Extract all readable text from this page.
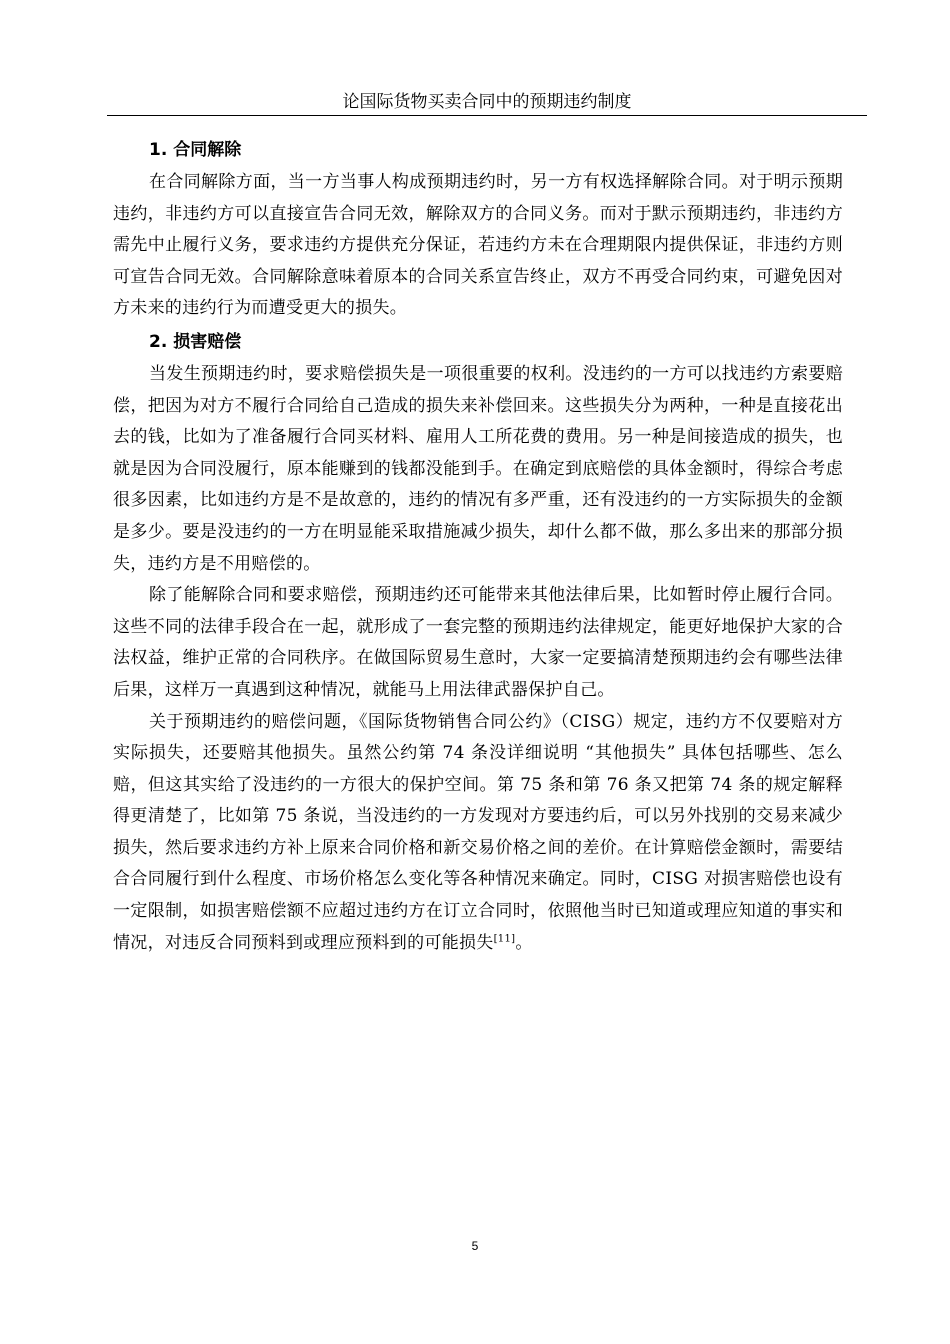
论国际货物买卖合同中的预期违约制度
1. 合同解除

在合同解除方面，当一方当事人构成预期违约时，另一方有权选择解除合同。对于明示预期违约，非违约方可以直接宣告合同无效，解除双方的合同义务。而对于默示预期违约，非违约方需先中止履行义务，要求违约方提供充分保证，若违约方未在合理期限内提供保证，非违约方则可宣告合同无效。合同解除意味着原本的合同关系宣告终止，双方不再受合同约束，可避免因对方未来的违约行为而遭受更大的损失。

2. 损害赔偿

当发生预期违约时，要求赔偿损失是一项很重要的权利。没违约的一方可以找违约方索要赔偿，把因为对方不履行合同给自己造成的损失来补偿回来。这些损失分为两种，一种是直接花出去的钱，比如为了准备履行合同买材料、雇用人工所花费的费用。另一种是间接造成的损失，也就是因为合同没履行，原本能赚到的钱都没能到手。在确定到底赔偿的具体金额时，得综合考虑很多因素，比如违约方是不是故意的，违约的情况有多严重，还有没违约的一方实际损失的金额是多少。要是没违约的一方在明显能采取措施减少损失，却什么都不做，那么多出来的那部分损失，违约方是不用赔偿的。

除了能解除合同和要求赔偿，预期违约还可能带来其他法律后果，比如暂时停止履行合同。这些不同的法律手段合在一起，就形成了一套完整的预期违约法律规定，能更好地保护大家的合法权益，维护正常的合同秩序。在做国际贸易生意时，大家一定要搞清楚预期违约会有哪些法律后果，这样万一真遇到这种情况，就能马上用法律武器保护自己。

关于预期违约的赔偿问题，《国际货物销售合同公约》（CISG）规定，违约方不仅要赔对方实际损失，还要赔其他损失。虽然公约第 74 条没详细说明 “其他损失” 具体包括哪些、怎么赔，但这其实给了没违约的一方很大的保护空间。第 75 条和第 76 条又把第 74 条的规定解释得更清楚了，比如第 75 条说，当没违约的一方发现对方要违约后，可以另外找别的交易来减少损失，然后要求违约方补上原来合同价格和新交易价格之间的差价。在计算赔偿金额时，需要结合合同履行到什么程度、市场价格怎么变化等各种情况来确定。同时，CISG 对损害赔偿也设有一定限制，如损害赔偿额不应超过违约方在订立合同时，依照他当时已知道或理应知道的事实和情况，对违反合同预料到或理应预料到的可能损失[11]。

5
